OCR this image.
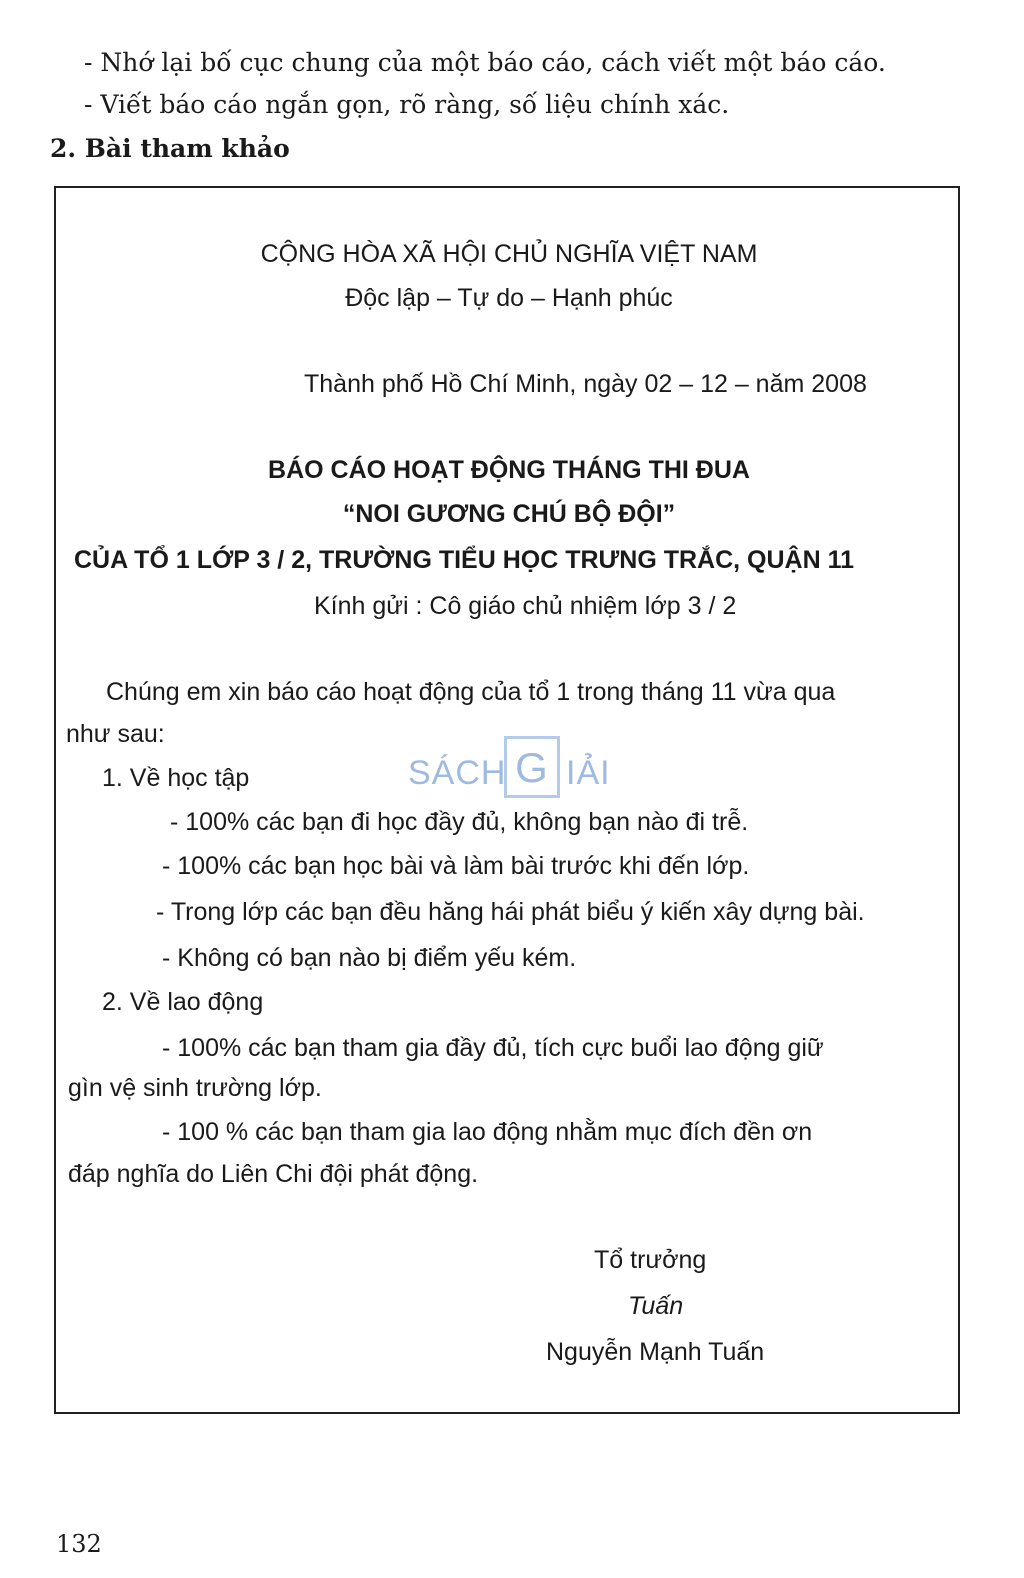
- Nhớ lại bố cục chung của một báo cáo, cách viết một báo cáo.
- Viết báo cáo ngắn gọn, rõ ràng, số liệu chính xác.
2. Bài tham khảo
CỘNG HÒA XÃ HỘI CHỦ NGHĨA VIỆT NAM
Độc lập – Tự do – Hạnh phúc
Thành phố Hồ Chí Minh, ngày 02 – 12 – năm 2008
BÁO CÁO HOẠT ĐỘNG THÁNG THI ĐUA
“NOI GƯƠNG CHÚ BỘ ĐỘI”
CỦA TỔ 1 LỚP 3 / 2, TRƯỜNG TIỂU HỌC TRƯNG TRẮC, QUẬN 11
Kính gửi : Cô giáo chủ nhiệm lớp 3 / 2
Chúng em xin báo cáo hoạt động của tổ 1 trong tháng 11 vừa qua
như sau:
1. Về học tập
- 100% các bạn đi học đầy đủ, không bạn nào đi trễ.
- 100% các bạn học bài và làm bài trước khi đến lớp.
- Trong lớp các bạn đều hăng hái phát biểu ý kiến xây dựng bài.
- Không có bạn nào bị điểm yếu kém.
2. Về lao động
- 100% các bạn tham gia đầy đủ, tích cực buổi lao động giữ
gìn vệ sinh trường lớp.
- 100 % các bạn tham gia lao động nhằm mục đích đền ơn
đáp nghĩa do Liên Chi đội phát động.
Tổ trưởng
Tuấn
Nguyễn Mạnh Tuấn
SÁCH G IẢI
132
